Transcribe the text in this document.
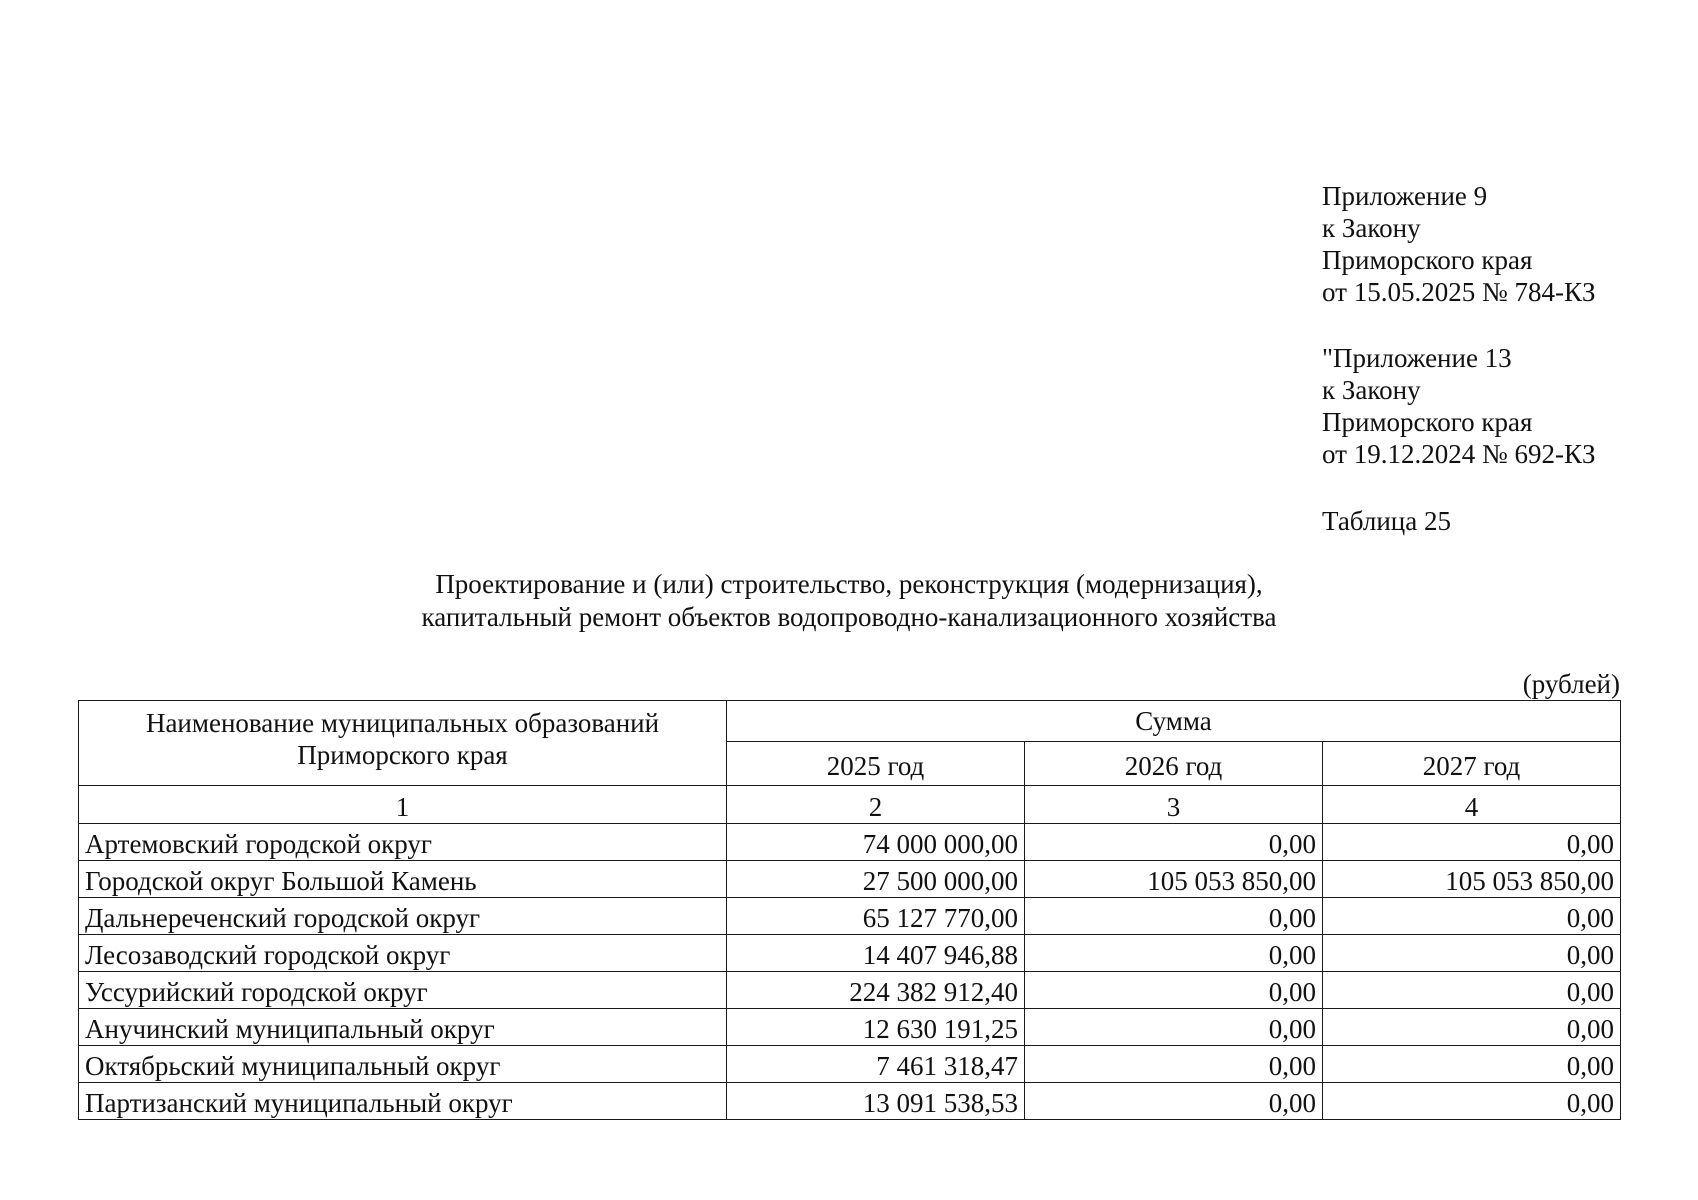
Приложение 9
к Закону
Приморского края
от 15.05.2025 № 784-КЗ
"Приложение 13
к Закону
Приморского края
от 19.12.2024 № 692-КЗ
Таблица 25
Проектирование и (или) строительство, реконструкция (модернизация),
капитальный ремонт объектов водопроводно-канализационного хозяйства
(рублей)
Наименование муниципальных образований
Приморского края	Сумма		
	2025 год	2026 год	2027 год
1	2	3	4
Артемовский городской округ	74 000 000,00	0,00	0,00
Городской округ Большой Камень	27 500 000,00	105 053 850,00	105 053 850,00
Дальнереченский городской округ	65 127 770,00	0,00	0,00
Лесозаводский городской округ	14 407 946,88	0,00	0,00
Уссурийский городской округ	224 382 912,40	0,00	0,00
Анучинский муниципальный округ	12 630 191,25	0,00	0,00
Октябрьский муниципальный округ	7 461 318,47	0,00	0,00
Партизанский муниципальный округ	13 091 538,53	0,00	0,00
